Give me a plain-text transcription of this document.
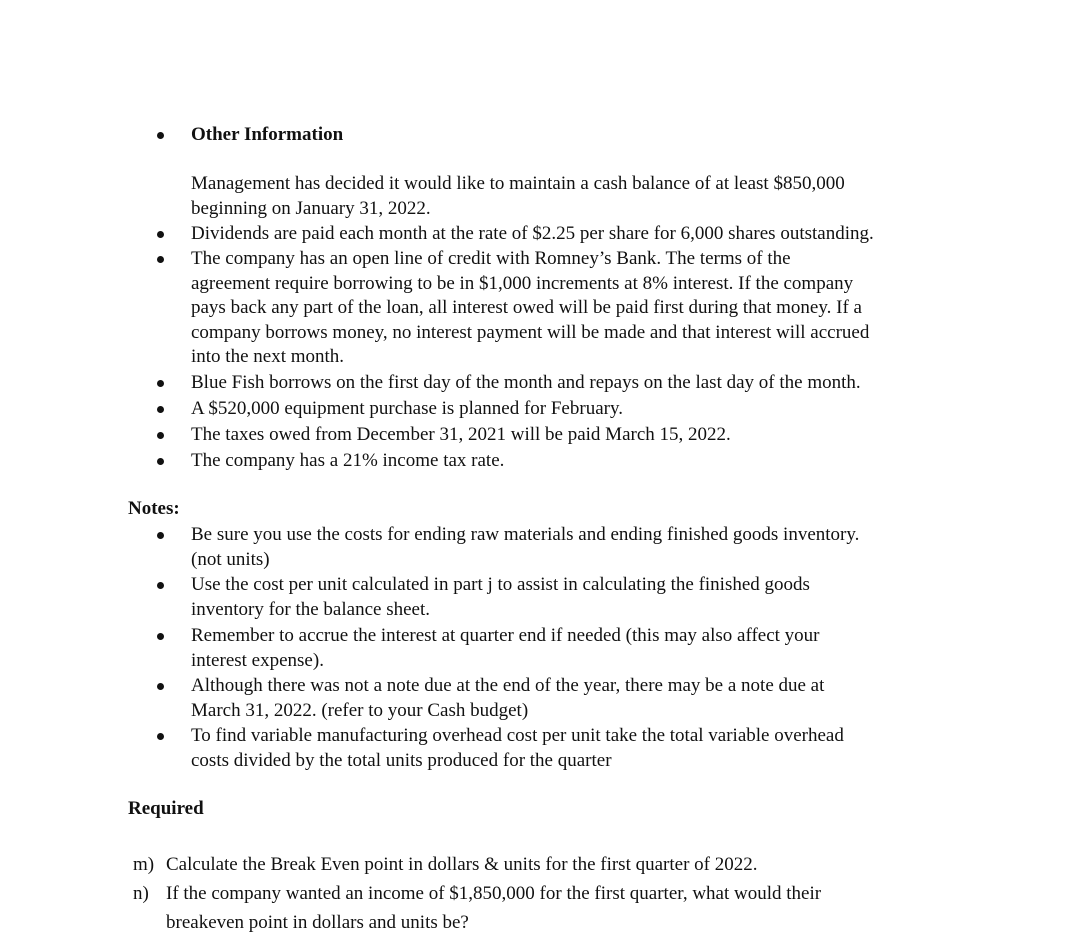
Other Information
Management has decided it would like to maintain a cash balance of at least $850,000
beginning on January 31, 2022.
Dividends are paid each month at the rate of $2.25 per share for 6,000 shares outstanding.
The company has an open line of credit with Romney’s Bank. The terms of the
agreement require borrowing to be in $1,000 increments at 8% interest. If the company
pays back any part of the loan, all interest owed will be paid first during that money. If a
company borrows money, no interest payment will be made and that interest will accrued
into the next month.
Blue Fish borrows on the first day of the month and repays on the last day of the month.
A $520,000 equipment purchase is planned for February.
The taxes owed from December 31, 2021 will be paid March 15, 2022.
The company has a 21% income tax rate.
Notes:
Be sure you use the costs for ending raw materials and ending finished goods inventory.
(not units)
Use the cost per unit calculated in part j to assist in calculating the finished goods
inventory for the balance sheet.
Remember to accrue the interest at quarter end if needed (this may also affect your
interest expense).
Although there was not a note due at the end of the year, there may be a note due at
March 31, 2022. (refer to your Cash budget)
To find variable manufacturing overhead cost per unit take the total variable overhead
costs divided by the total units produced for the quarter
Required
m) Calculate the Break Even point in dollars & units for the first quarter of 2022.
n) If the company wanted an income of $1,850,000 for the first quarter, what would their
breakeven point in dollars and units be?
